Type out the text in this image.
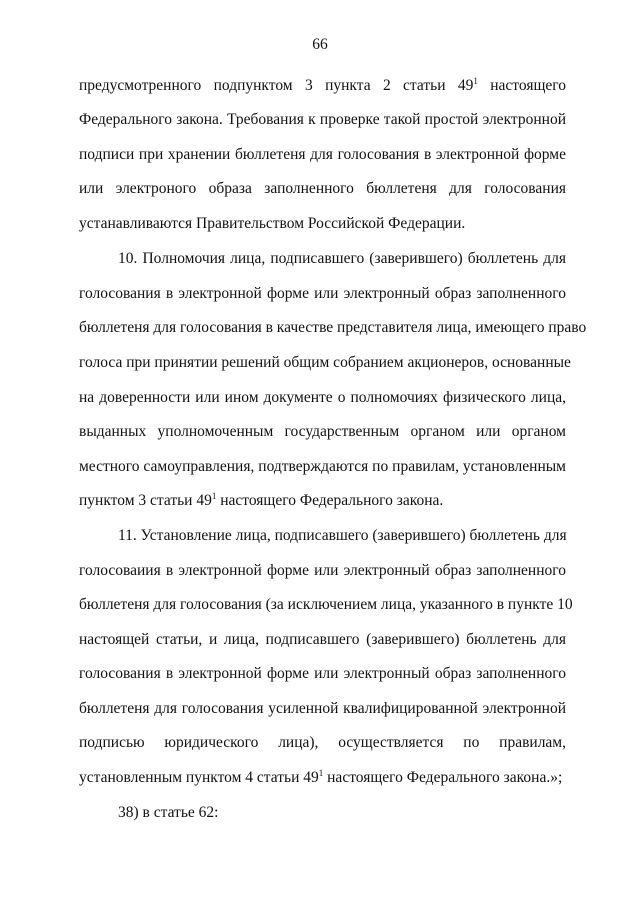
66
предусмотренного подпунктом 3 пункта 2 статьи $49^1$ настоящего
Федерального закона. Требования к проверке такой простой электронной
подписи при хранении бюллетеня для голосования в электронной форме
или электроного образа заполненного бюллетеня для голосования
устанавливаются Правительством Российской Федерации.
10. Полномочия лица, подписавшего (заверившего) бюллетень для
голосования в электронной форме или электронный образ заполненного
бюллетеня для голосования в качестве представителя лица, имеющего право
голоса при принятии решений общим собранием акционеров, основанные
на доверенности или ином документе о полномочиях физического лица,
выданных уполномоченным государственным органом или органом
местного самоуправления, подтверждаются по правилам, установленным
пунктом 3 статьи $49^1$ настоящего Федерального закона.
11. Установление лица, подписавшего (заверившего) бюллетень для
голосоваиия в электронной форме или электронный образ заполненного
бюллетеня для голосования (за исключением лица, указанного в пункте 10
настоящей статьи, и лица, подписавшего (заверившего) бюллетень для
голосования в электронной форме или электронный образ заполненного
бюллетеня для голосования усиленной квалифицированной электронной
подписью юридического лица), осуществляется по правилам,
установленным пунктом 4 статьи $49^1$ настоящего Федерального закона.»;
38) в статье 62:
